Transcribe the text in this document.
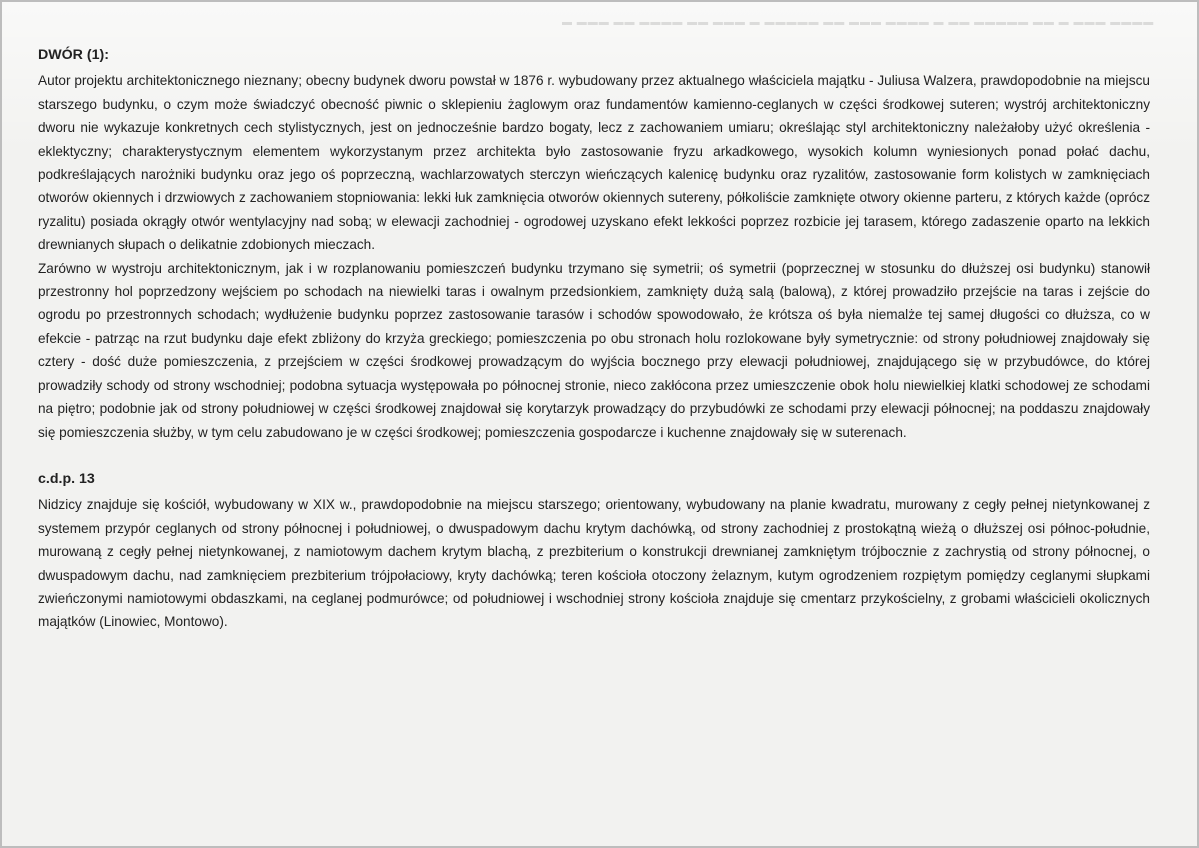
▬ ▬▬▬ ▬▬ ▬▬▬▬ ▬▬ ▬▬▬ ▬ ▬▬▬▬▬ ▬▬ ▬▬▬ ▬▬▬▬ ▬ ▬▬ ▬▬▬▬▬ ▬▬ ▬ ▬▬▬ ▬▬▬▬
DWÓR (1):

Autor projektu architektonicznego nieznany; obecny budynek dworu powstał w 1876 r. wybudowany przez aktualnego właściciela majątku - Juliusa Walzera, prawdopodobnie na miejscu starszego budynku, o czym może świadczyć obecność piwnic o sklepieniu żaglowym oraz fundamentów kamienno-ceglanych w części środkowej suteren; wystrój architektoniczny dworu nie wykazuje konkretnych cech stylistycznych, jest on jednocześnie bardzo bogaty, lecz z zachowaniem umiaru; określając styl architektoniczny należałoby użyć określenia - eklektyczny; charakterystycznym elementem wykorzystanym przez architekta było zastosowanie fryzu arkadkowego, wysokich kolumn wyniesionych ponad połać dachu, podkreślających narożniki budynku oraz jego oś poprzeczną, wachlarzowatych sterczyn wieńczących kalenicę budynku oraz ryzalitów, zastosowanie form kolistych w zamknięciach otworów okiennych i drzwiowych z zachowaniem stopniowania: lekki łuk zamknięcia otworów okiennych sutereny, półkoliście zamknięte otwory okienne parteru, z których każde (oprócz ryzalitu) posiada okrągły otwór wentylacyjny nad sobą; w elewacji zachodniej - ogrodowej uzyskano efekt lekkości poprzez rozbicie jej tarasem, którego zadaszenie oparto na lekkich drewnianych słupach o delikatnie zdobionych mieczach.

Zarówno w wystroju architektonicznym, jak i w rozplanowaniu pomieszczeń budynku trzymano się symetrii; oś symetrii (poprzecznej w stosunku do dłuższej osi budynku) stanowił przestronny hol poprzedzony wejściem po schodach na niewielki taras i owalnym przedsionkiem, zamknięty dużą salą (balową), z której prowadziło przejście na taras i zejście do ogrodu po przestronnych schodach; wydłużenie budynku poprzez zastosowanie tarasów i schodów spowodowało, że krótsza oś była niemalże tej samej długości co dłuższa, co w efekcie - patrząc na rzut budynku daje efekt zbliżony do krzyża greckiego; pomieszczenia po obu stronach holu rozlokowane były symetrycznie: od strony południowej znajdowały się cztery - dość duże pomieszczenia, z przejściem w części środkowej prowadzącym do wyjścia bocznego przy elewacji południowej, znajdującego się w przybudówce, do której prowadziły schody od strony wschodniej; podobna sytuacja występowała po północnej stronie, nieco zakłócona przez umieszczenie obok holu niewielkiej klatki schodowej ze schodami na piętro; podobnie jak od strony południowej w części środkowej znajdował się korytarzyk prowadzący do przybudówki ze schodami przy elewacji północnej; na poddaszu znajdowały się pomieszczenia służby, w tym celu zabudowano je w części środkowej; pomieszczenia gospodarcze i kuchenne znajdowały się w suterenach.

c.d.p. 13

Nidzicy znajduje się kościół, wybudowany w XIX w., prawdopodobnie na miejscu starszego; orientowany, wybudowany na planie kwadratu, murowany z cegły pełnej nietynkowanej z systemem przypór ceglanych od strony północnej i południowej, o dwuspadowym dachu krytym dachówką, od strony zachodniej z prostokątną wieżą o dłuższej osi północ-południe, murowaną z cegły pełnej nietynkowanej, z namiotowym dachem krytym blachą, z prezbiterium o konstrukcji drewnianej zamkniętym trójbocznie z zachrystią od strony północnej, o dwuspadowym dachu, nad zamknięciem prezbiterium trójpołaciowy, kryty dachówką; teren kościoła otoczony żelaznym, kutym ogrodzeniem rozpiętym pomiędzy ceglanymi słupkami zwieńczonymi namiotowymi obdaszkami, na ceglanej podmurówce; od południowej i wschodniej strony kościoła znajduje się cmentarz przykościelny, z grobami właścicieli okolicznych majątków (Linowiec, Montowo).
